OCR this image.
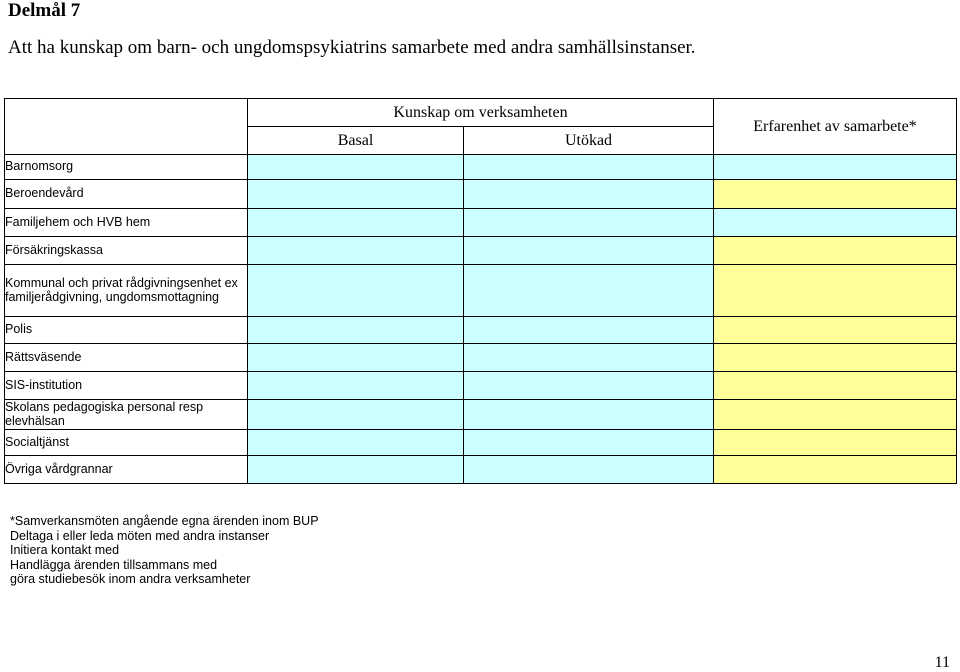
Delmål 7
Att ha kunskap om barn- och ungdomspsykiatrins samarbete med andra samhällsinstanser.
	Kunskap om verksamheten		Erfarenhet av samarbete*
	Basal	Utökad	
Barnomsorg			
Beroendevård			
Familjehem och HVB hem			
Försäkringskassa			
Kommunal och privat rådgivningsenhet ex familjerådgivning, ungdomsmottagning			
Polis			
Rättsväsende			
SIS-institution			
Skolans pedagogiska personal resp elevhälsan			
Socialtjänst			
Övriga vårdgrannar			
*Samverkansmöten angående egna ärenden inom BUP
Deltaga i eller leda möten med andra instanser
Initiera kontakt med
Handlägga ärenden tillsammans med
göra studiebesök inom andra verksamheter
11
